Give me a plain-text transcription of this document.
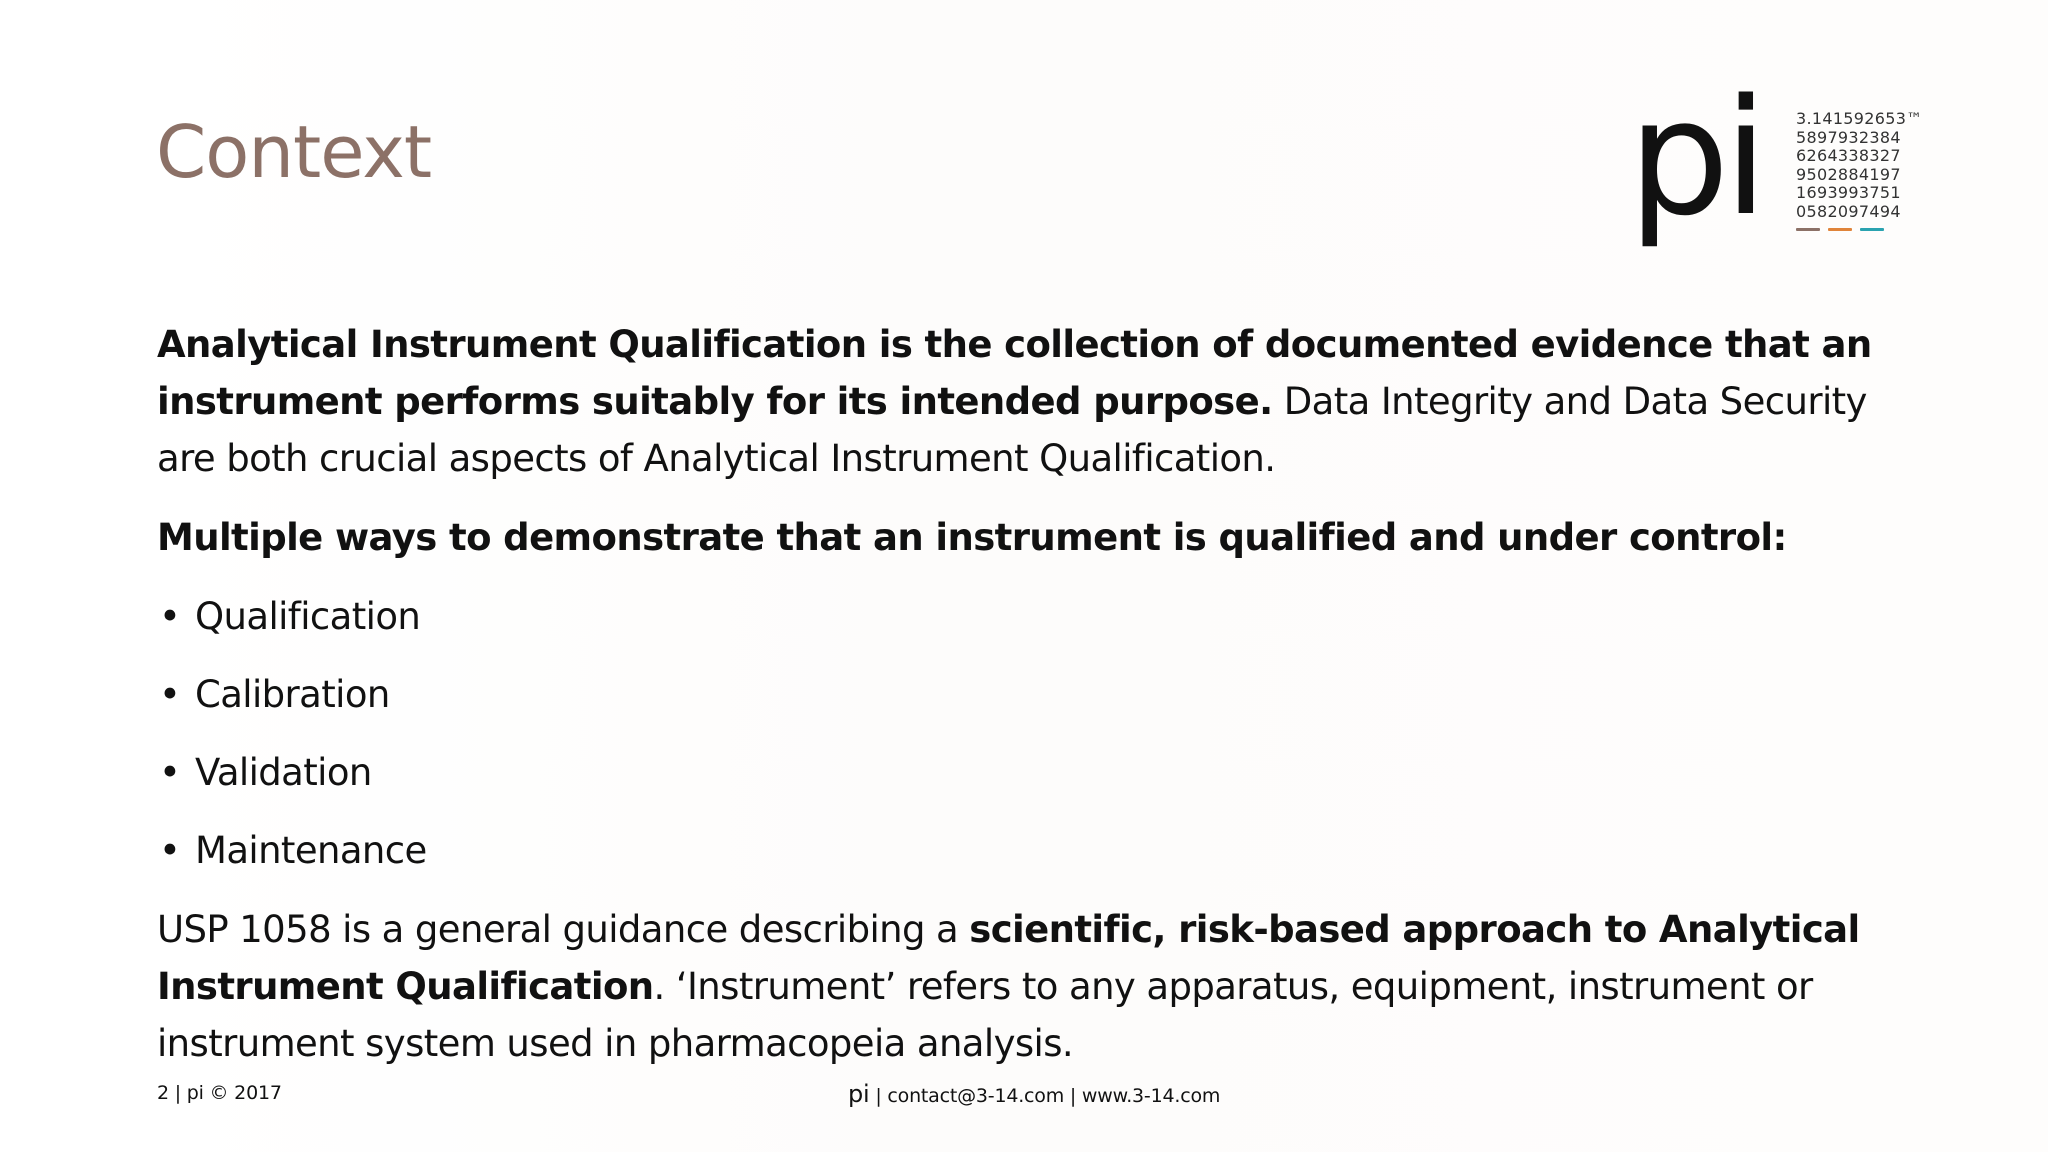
Context	pi 3.141592653™
5897932384
6264338327
9502884197
1693993751
0582097494

Analytical Instrument Qualification is the collection of documented evidence that an instrument performs suitably for its intended purpose. Data Integrity and Data Security are both crucial aspects of Analytical Instrument Qualification.

Multiple ways to demonstrate that an instrument is qualified and under control:

• Qualification
• Calibration
• Validation
• Maintenance

USP 1058 is a general guidance describing a scientific, risk-based approach to Analytical Instrument Qualification. ‘Instrument’ refers to any apparatus, equipment, instrument or instrument system used in pharmacopeia analysis.

2 | pi © 2017	pi | contact@3-14.com | www.3-14.com
